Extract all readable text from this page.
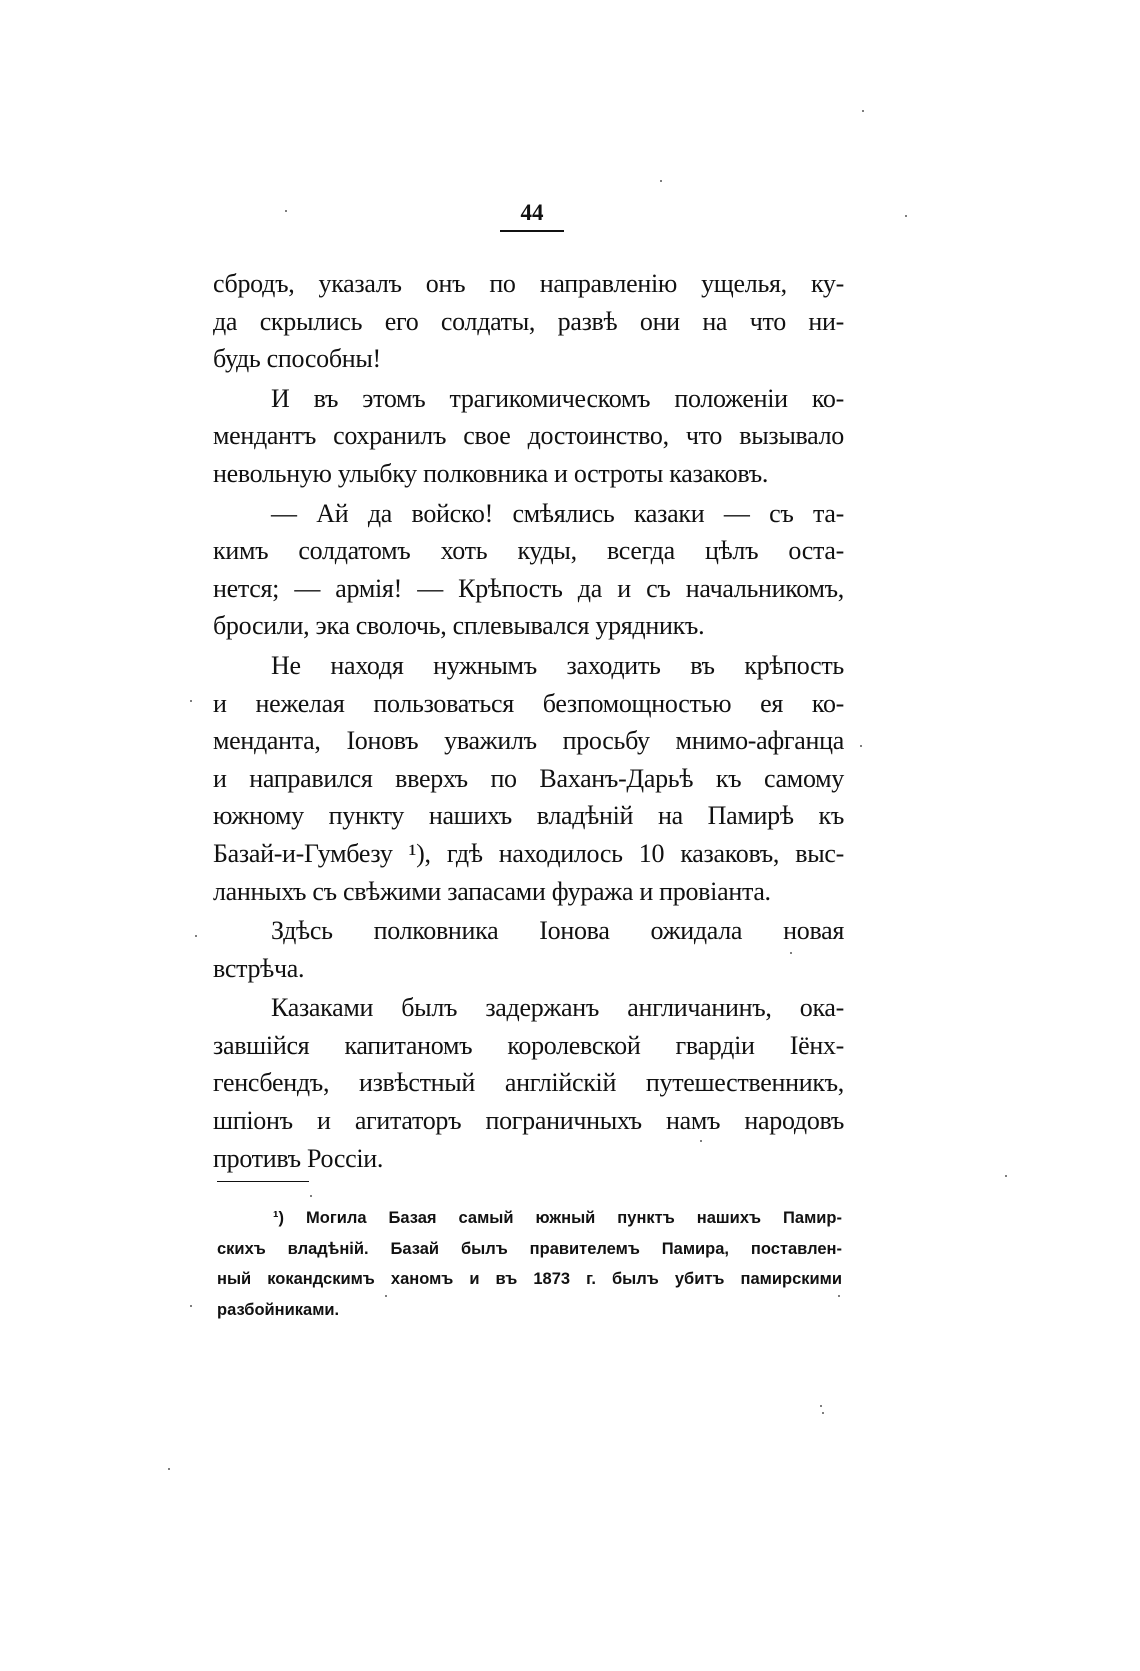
44
сбродъ, указалъ онъ по направленію ущелья, ку-
да скрылись его солдаты, развѣ они на что ни-
будь способны!
И въ этомъ трагикомическомъ положеніи ко-
мендантъ сохранилъ свое достоинство, что вызывало
невольную улыбку полковника и остроты казаковъ.
— Ай да войско! смѣялись казаки — съ та-
кимъ солдатомъ хоть куды, всегда цѣлъ оста-
нется; — армія! — Крѣпость да и съ начальникомъ,
бросили, эка сволочь, сплевывался урядникъ.
Не находя нужнымъ заходить въ крѣпость
и нежелая пользоваться безпомощностью ея ко-
менданта, Іоновъ уважилъ просьбу мнимо-афганца
и направился вверхъ по Ваханъ-Дарьѣ къ самому
южному пункту нашихъ владѣній на Памирѣ къ
Базай-и-Гумбезу ¹), гдѣ находилось 10 казаковъ, выс-
ланныхъ съ свѣжими запасами фуража и провіанта.
Здѣсь полковника Іонова ожидала новая
встрѣча.
Казаками былъ задержанъ англичанинъ, ока-
завшійся капитаномъ королевской гвардіи Іёнх-
генсбендъ, извѣстный англійскій путешественникъ,
шпіонъ и агитаторъ пограничныхъ намъ народовъ
противъ Россіи.
¹) Могила Базая самый южный пунктъ нашихъ Памир-
скихъ владѣній. Базай былъ правителемъ Памира, поставлен-
ный кокандскимъ ханомъ и въ 1873 г. былъ убитъ памирскими
разбойниками.
